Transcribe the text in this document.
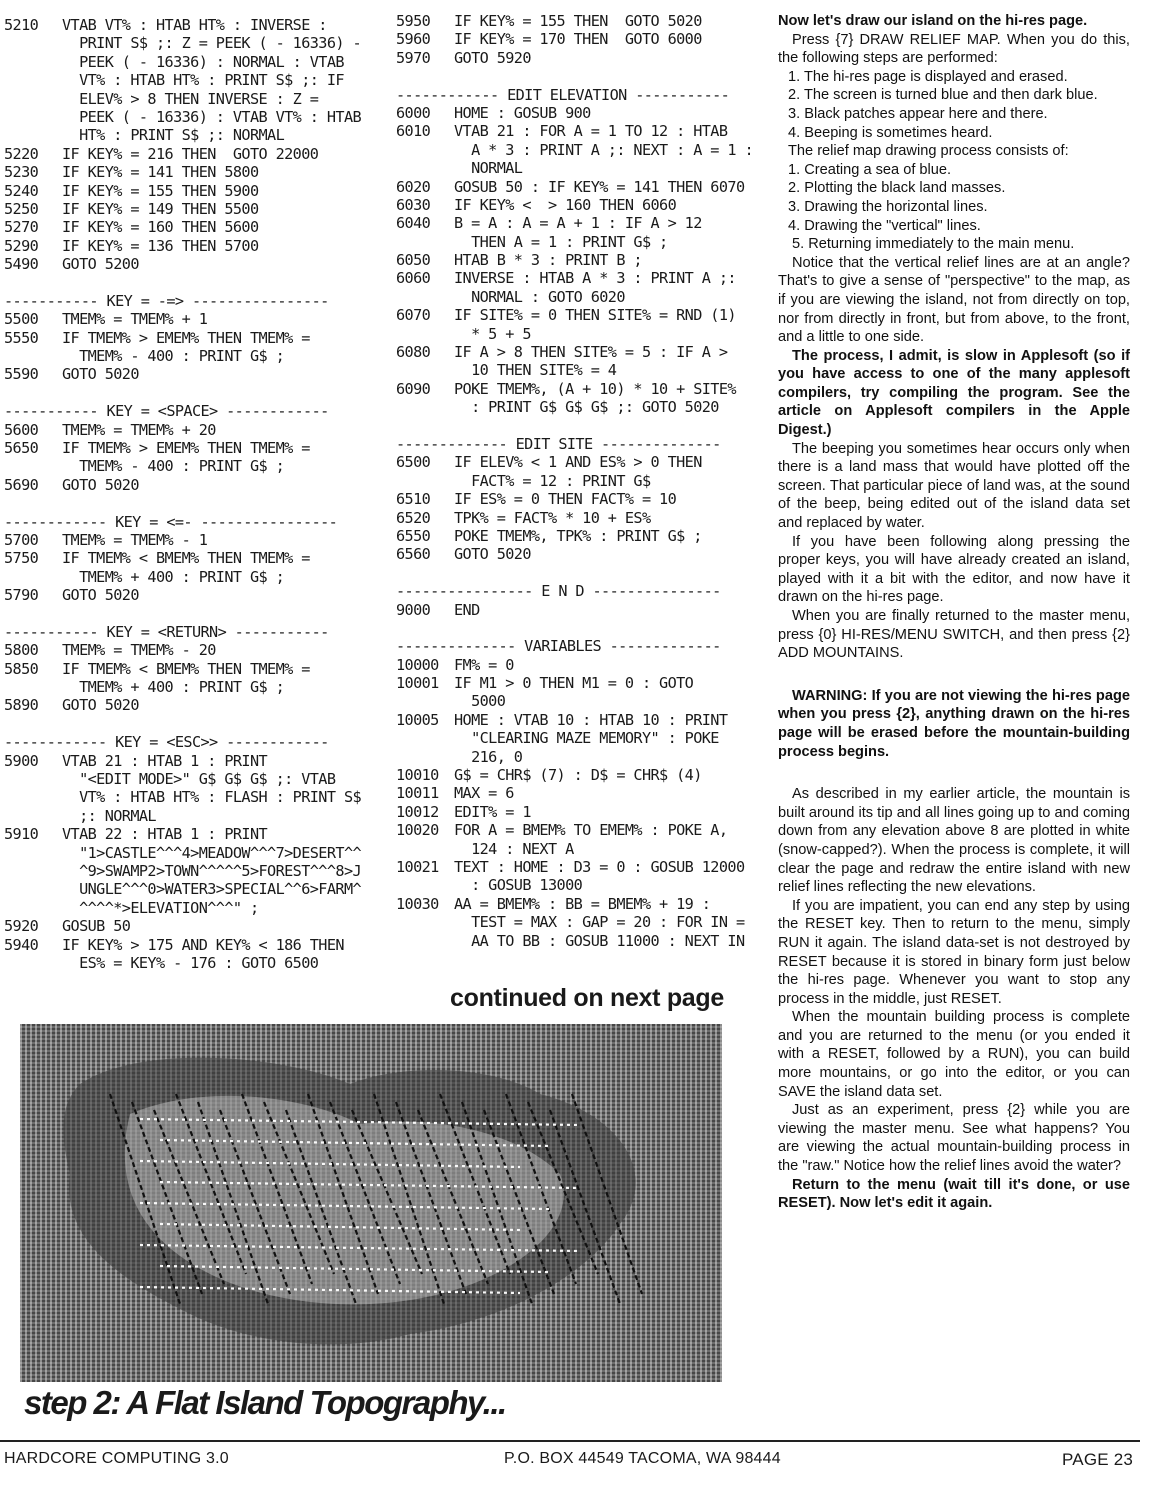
5210	VTAB VT% : HTAB HT% : INVERSE :
PRINT S$ ;: Z = PEEK ( - 16336) -
PEEK ( - 16336) : NORMAL : VTAB
VT% : HTAB HT% : PRINT S$ ;: IF
ELEV% > 8 THEN INVERSE : Z =
PEEK ( - 16336) : VTAB VT% : HTAB
HT% : PRINT S$ ;: NORMAL
5220	IF KEY% = 216 THEN  GOTO 22000
5230	IF KEY% = 141 THEN 5800
5240	IF KEY% = 155 THEN 5900
5250	IF KEY% = 149 THEN 5500
5270	IF KEY% = 160 THEN 5600
5290	IF KEY% = 136 THEN 5700
5490	GOTO 5200

----------- KEY = -=> ----------------
5500	TMEM% = TMEM% + 1
5550	IF TMEM% > EMEM% THEN TMEM% =
TMEM% - 400 : PRINT G$ ;
5590	GOTO 5020

----------- KEY = <SPACE> ------------
5600	TMEM% = TMEM% + 20
5650	IF TMEM% > EMEM% THEN TMEM% =
TMEM% - 400 : PRINT G$ ;
5690	GOTO 5020

------------ KEY = <=- ----------------
5700	TMEM% = TMEM% - 1
5750	IF TMEM% < BMEM% THEN TMEM% =
TMEM% + 400 : PRINT G$ ;
5790	GOTO 5020

----------- KEY = <RETURN> -----------
5800	TMEM% = TMEM% - 20
5850	IF TMEM% < BMEM% THEN TMEM% =
TMEM% + 400 : PRINT G$ ;
5890	GOTO 5020

------------ KEY = <ESC>> ------------
5900	VTAB 21 : HTAB 1 : PRINT
"<EDIT MODE>" G$ G$ G$ ;: VTAB
VT% : HTAB HT% : FLASH : PRINT S$
;: NORMAL
5910	VTAB 22 : HTAB 1 : PRINT
"1>CASTLE^^^4>MEADOW^^^7>DESERT^^
^9>SWAMP2>TOWN^^^^^5>FOREST^^^8>J
UNGLE^^^0>WATER3>SPECIAL^^6>FARM^
^^^^*>ELEVATION^^^" ;
5920	GOSUB 50
5940	IF KEY% > 175 AND KEY% < 186 THEN
ES% = KEY% - 176 : GOTO 6500
5950	IF KEY% = 155 THEN  GOTO 5020
5960	IF KEY% = 170 THEN  GOTO 6000
5970	GOTO 5920

------------ EDIT ELEVATION -----------
6000	HOME : GOSUB 900
6010	VTAB 21 : FOR A = 1 TO 12 : HTAB
A * 3 : PRINT A ;: NEXT : A = 1 :
NORMAL
6020	GOSUB 50 : IF KEY% = 141 THEN 6070
6030	IF KEY% <  > 160 THEN 6060
6040	B = A : A = A + 1 : IF A > 12
THEN A = 1 : PRINT G$ ;
6050	HTAB B * 3 : PRINT B ;
6060	INVERSE : HTAB A * 3 : PRINT A ;:
NORMAL : GOTO 6020
6070	IF SITE% = 0 THEN SITE% = RND (1)
* 5 + 5
6080	IF A > 8 THEN SITE% = 5 : IF A >
10 THEN SITE% = 4
6090	POKE TMEM%, (A + 10) * 10 + SITE%
: PRINT G$ G$ G$ ;: GOTO 5020

------------- EDIT SITE --------------
6500	IF ELEV% < 1 AND ES% > 0 THEN
FACT% = 12 : PRINT G$
6510	IF ES% = 0 THEN FACT% = 10
6520	TPK% = FACT% * 10 + ES%
6550	POKE TMEM%, TPK% : PRINT G$ ;
6560	GOTO 5020

---------------- E N D ---------------
9000	END

-------------- VARIABLES -------------
10000	FM% = 0
10001	IF M1 > 0 THEN M1 = 0 : GOTO
5000
10005	HOME : VTAB 10 : HTAB 10 : PRINT
"CLEARING MAZE MEMORY" : POKE
216, 0
10010	G$ = CHR$ (7) : D$ = CHR$ (4)
10011	MAX = 6
10012	EDIT% = 1
10020	FOR A = BMEM% TO EMEM% : POKE A,
124 : NEXT A
10021	TEXT : HOME : D3 = 0 : GOSUB 12000
: GOSUB 13000
10030	AA = BMEM% : BB = BMEM% + 19 :
TEST = MAX : GAP = 20 : FOR IN =
AA TO BB : GOSUB 11000 : NEXT IN
continued on next page
step 2: A Flat Island Topography...

Now let's draw our island on the hi-res page.

Press {7} DRAW RELIEF MAP. When you do this, the following steps are performed:

1. The hi-res page is displayed and erased.

2. The screen is turned blue and then dark blue.

3. Black patches appear here and there.

4. Beeping is sometimes heard.

The relief map drawing process consists of:

1. Creating a sea of blue.

2. Plotting the black land masses.

3. Drawing the horizontal lines.

4. Drawing the "vertical" lines.

5. Returning immediately to the main menu.

Notice that the vertical relief lines are at an angle? That's to give a sense of "perspective" to the map, as if you are viewing the island, not from directly on top, nor from directly in front, but from above, to the front, and a little to one side.

The process, I admit, is slow in Applesoft (so if you have access to one of the many applesoft compilers, try compiling the program. See the article on Applesoft compilers in the Apple Digest.)

The beeping you sometimes hear occurs only when there is a land mass that would have plotted off the screen. That particular piece of land was, at the sound of the beep, being edited out of the island data set and replaced by water.

If you have been following along pressing the proper keys, you will have already created an island, played with it a bit with the editor, and now have it drawn on the hi-res page.

When you are finally returned to the master menu, press {0} HI-RES/MENU SWITCH, and then press {2} ADD MOUNTAINS.

WARNING: If you are not viewing the hi-res page when you press {2}, anything drawn on the hi-res page will be erased before the mountain-building process begins.

As described in my earlier article, the mountain is built around its tip and all lines going up to and coming down from any elevation above 8 are plotted in white (snow-capped?). When the process is complete, it will clear the page and redraw the entire island with new relief lines reflecting the new elevations.

If you are impatient, you can end any step by using the RESET key. Then to return to the menu, simply RUN it again. The island data-set is not destroyed by RESET because it is stored in binary form just below the hi-res page. Whenever you want to stop any process in the middle, just RESET.

When the mountain building process is complete and you are returned to the menu (or you ended it with a RESET, followed by a RUN), you can build more mountains, or go into the editor, or you can SAVE the island data set.

Just as an experiment, press {2} while you are viewing the master menu. See what happens? You are viewing the actual mountain-building process in the "raw." Notice how the relief lines avoid the water?

Return to the menu (wait till it's done, or use RESET). Now let's edit it again.

HARDCORE COMPUTING 3.0	P.O. BOX 44549 TACOMA, WA 98444	PAGE 23
